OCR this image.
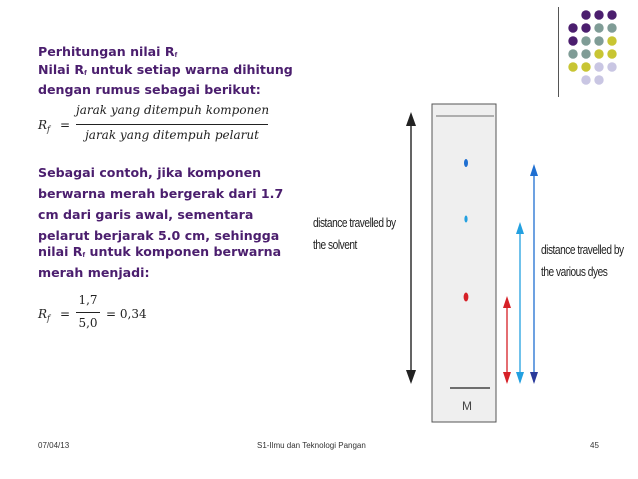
Perhitungan nilai Rf
Nilai Rf untuk setiap warna dihitung
dengan rumus sebagai berikut:
$R_f$ =
jarak yang ditempuh komponen
jarak yang ditempuh pelarut
Sebagai contoh, jika komponen
berwarna merah bergerak dari 1.7
cm dari garis awal, sementara
pelarut berjarak 5.0 cm, sehingga
nilai Rf untuk komponen berwarna
merah menjadi:
$R_f$ =
1,7
5,0
= 0,34
M
distance travelled by
the solvent	distance travelled by
the various dyes
07/04/13	S1-Ilmu dan Teknologi Pangan	45
